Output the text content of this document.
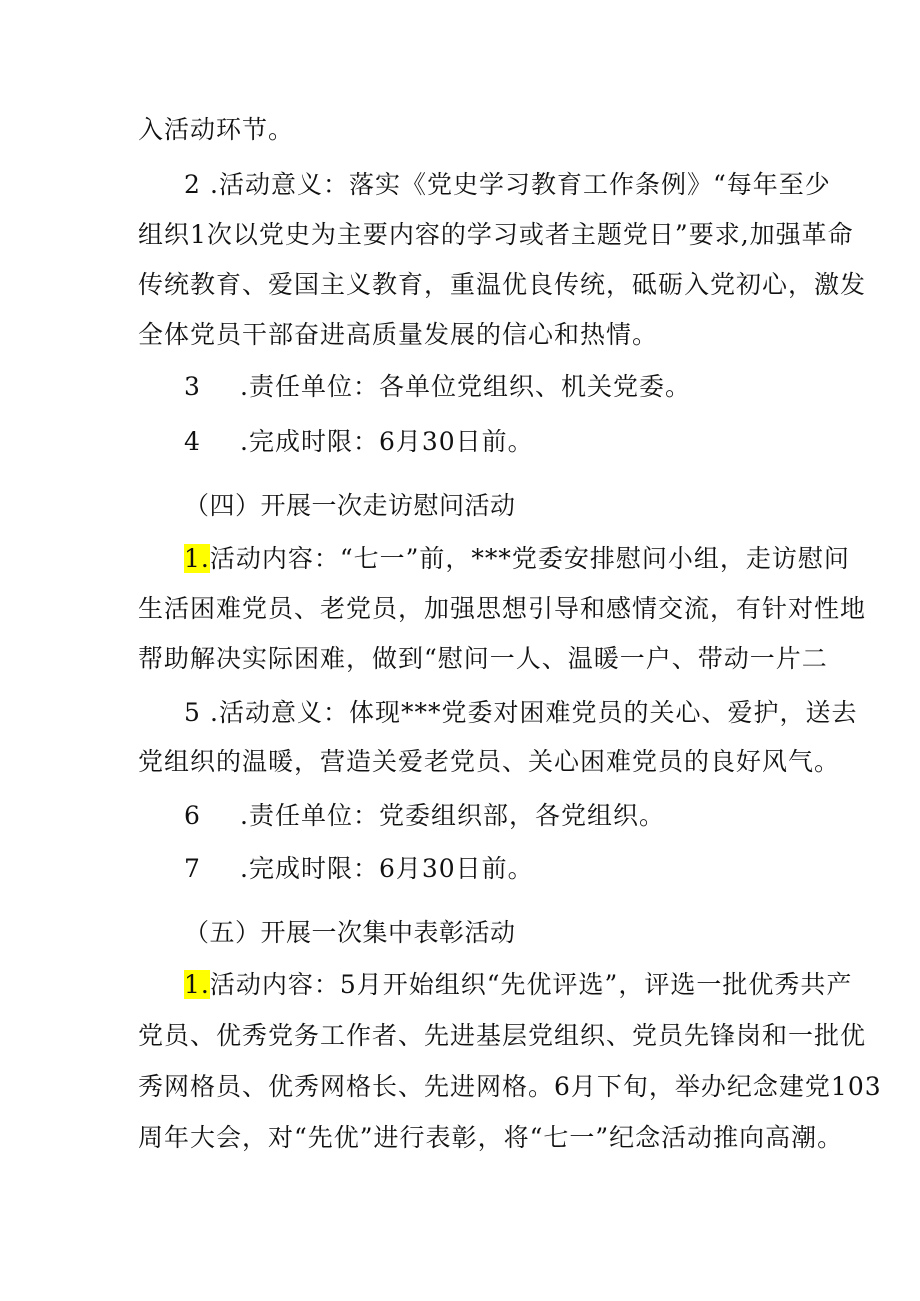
入活动环节。
2 .活动意义：落实《党史学习教育工作条例》“每年至少
组织1次以党史为主要内容的学习或者主题党日”要求,加强革命
传统教育、爱国主义教育，重温优良传统，砥砺入党初心，激发
全体党员干部奋进高质量发展的信心和热情。
3 .责任单位：各单位党组织、机关党委。
4 .完成时限：6月30日前。
（四）开展一次走访慰问活动
1.活动内容：“七一”前，***党委安排慰问小组，走访慰问
生活困难党员、老党员，加强思想引导和感情交流，有针对性地
帮助解决实际困难，做到“慰问一人、温暖一户、带动一片二
5 .活动意义：体现***党委对困难党员的关心、爱护，送去
党组织的温暖，营造关爱老党员、关心困难党员的良好风气。
6 .责任单位：党委组织部，各党组织。
7 .完成时限：6月30日前。
（五）开展一次集中表彰活动
1.活动内容：5月开始组织“先优评选”，评选一批优秀共产
党员、优秀党务工作者、先进基层党组织、党员先锋岗和一批优
秀网格员、优秀网格长、先进网格。6月下旬，举办纪念建党103
周年大会，对“先优”进行表彰，将“七一”纪念活动推向高潮。
